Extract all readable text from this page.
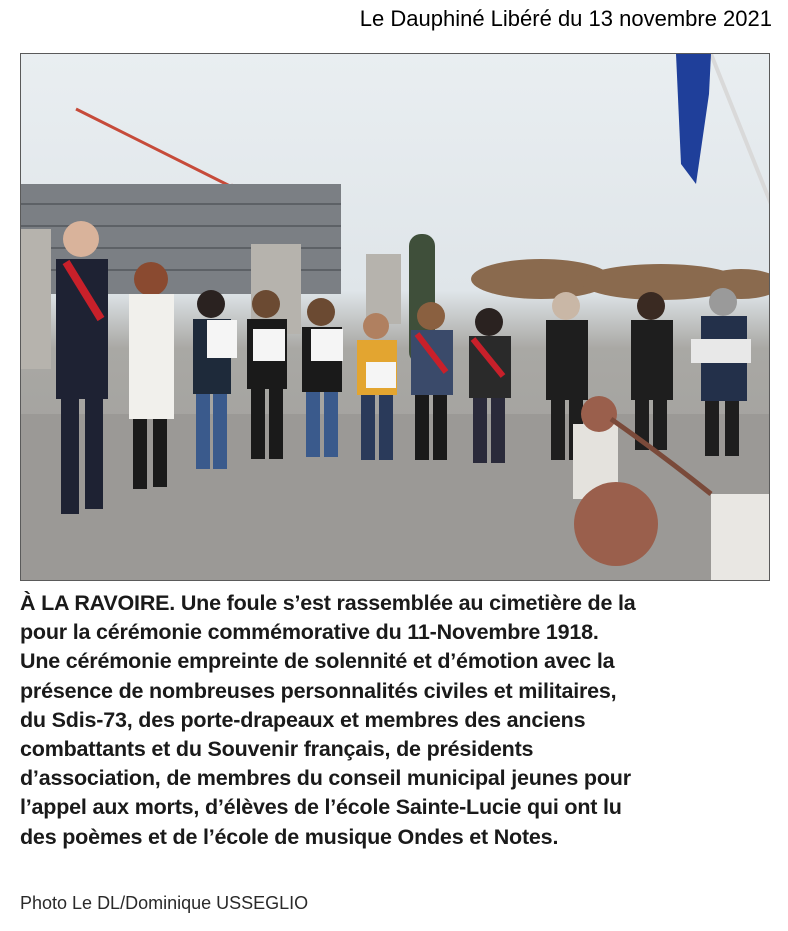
Le Dauphiné Libéré du 13 novembre 2021
À LA RAVOIRE. Une foule s’est rassemblée au cimetière de la
pour la cérémonie commémorative du 11-Novembre 1918.
Une cérémonie empreinte de solennité et d’émotion avec la
présence de nombreuses personnalités civiles et militaires,
du Sdis-73, des porte-drapeaux et membres des anciens
combattants et du Souvenir français, de présidents
d’association, de membres du conseil municipal jeunes pour
l’appel aux morts, d’élèves de l’école Sainte-Lucie qui ont lu
des poèmes et de l’école de musique Ondes et Notes.
Photo Le DL/Dominique USSEGLIO
